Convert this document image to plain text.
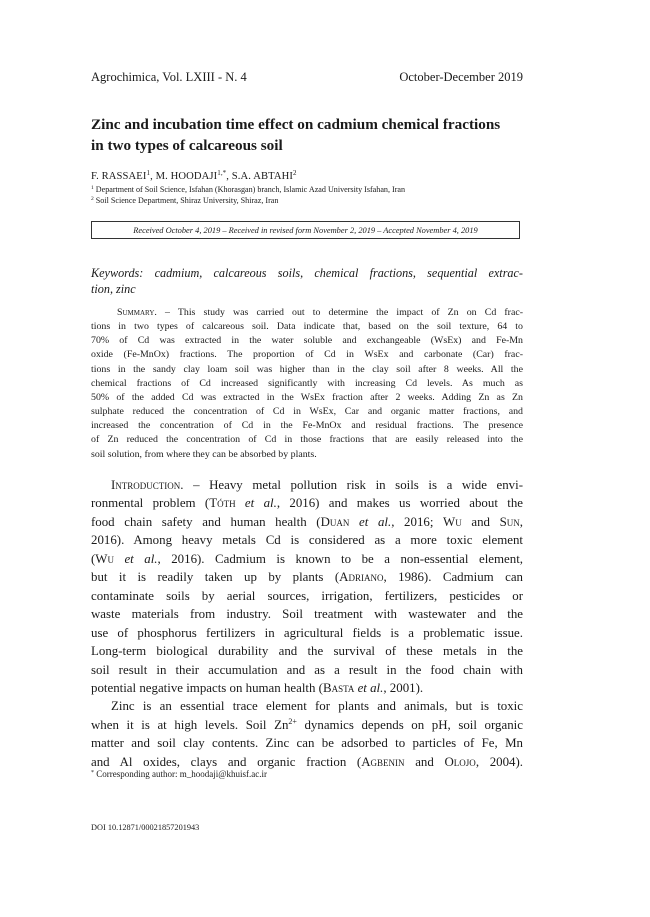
Agrochimica, Vol. LXIII - N. 4	October-December 2019
Zinc and incubation time effect on cadmium chemical fractions
in two types of calcareous soil
F. RASSAEI$^1$, M. $HOODAJI^{1,*}$, S.A. ABTAHI$^2$
$^1$ Department of Soil Science, Isfahan (Khorasgan) branch, Islamic Azad University Isfahan, Iran
$^2$ Soil Science Department, Shiraz University, Shiraz, Iran
Received October 4, 2019 – Received in revised form November 2, 2019 – Accepted November 4, 2019
Keywords: cadmium, calcareous soils, chemical fractions, sequential extrac-
tion, zinc
Summary. – This study was carried out to determine the impact of Zn on Cd frac-
tions in two types of calcareous soil. Data indicate that, based on the soil texture, 64 to
70% of Cd was extracted in the water soluble and exchangeable (WsEx) and Fe-Mn
oxide (Fe-MnOx) fractions. The proportion of Cd in WsEx and carbonate (Car) frac-
tions in the sandy clay loam soil was higher than in the clay soil after 8 weeks. All the
chemical fractions of Cd increased significantly with increasing Cd levels. As much as
50% of the added Cd was extracted in the WsEx fraction after 2 weeks. Adding Zn as Zn
sulphate reduced the concentration of Cd in WsEx, Car and organic matter fractions, and
increased the concentration of Cd in the Fe-MnOx and residual fractions. The presence
of Zn reduced the concentration of Cd in those fractions that are easily released into the
soil solution, from where they can be absorbed by plants.
Introduction. – Heavy metal pollution risk in soils is a wide envi-
ronmental problem (Tóth et al., 2016) and makes us worried about the
food chain safety and human health (Duan et al., 2016; Wu and Sun,
2016). Among heavy metals Cd is considered as a more toxic element
(Wu et al., 2016). Cadmium is known to be a non-essential element,
but it is readily taken up by plants (Adriano, 1986). Cadmium can
contaminate soils by aerial sources, irrigation, fertilizers, pesticides or
waste materials from industry. Soil treatment with wastewater and the
use of phosphorus fertilizers in agricultural fields is a problematic issue.
Long-term biological durability and the survival of these metals in the
soil result in their accumulation and as a result in the food chain with
potential negative impacts on human health (Basta et al., 2001).
Zinc is an essential trace element for plants and animals, but is toxic
when it is at high levels. Soil $Zn^{2+}$ dynamics depends on pH, soil organic
matter and soil clay contents. Zinc can be adsorbed to particles of Fe, Mn
and Al oxides, clays and organic fraction (Agbenin and Olojo, 2004).
* Corresponding author: m_hoodaji@khuisf.ac.ir
DOI 10.12871/00021857201943
